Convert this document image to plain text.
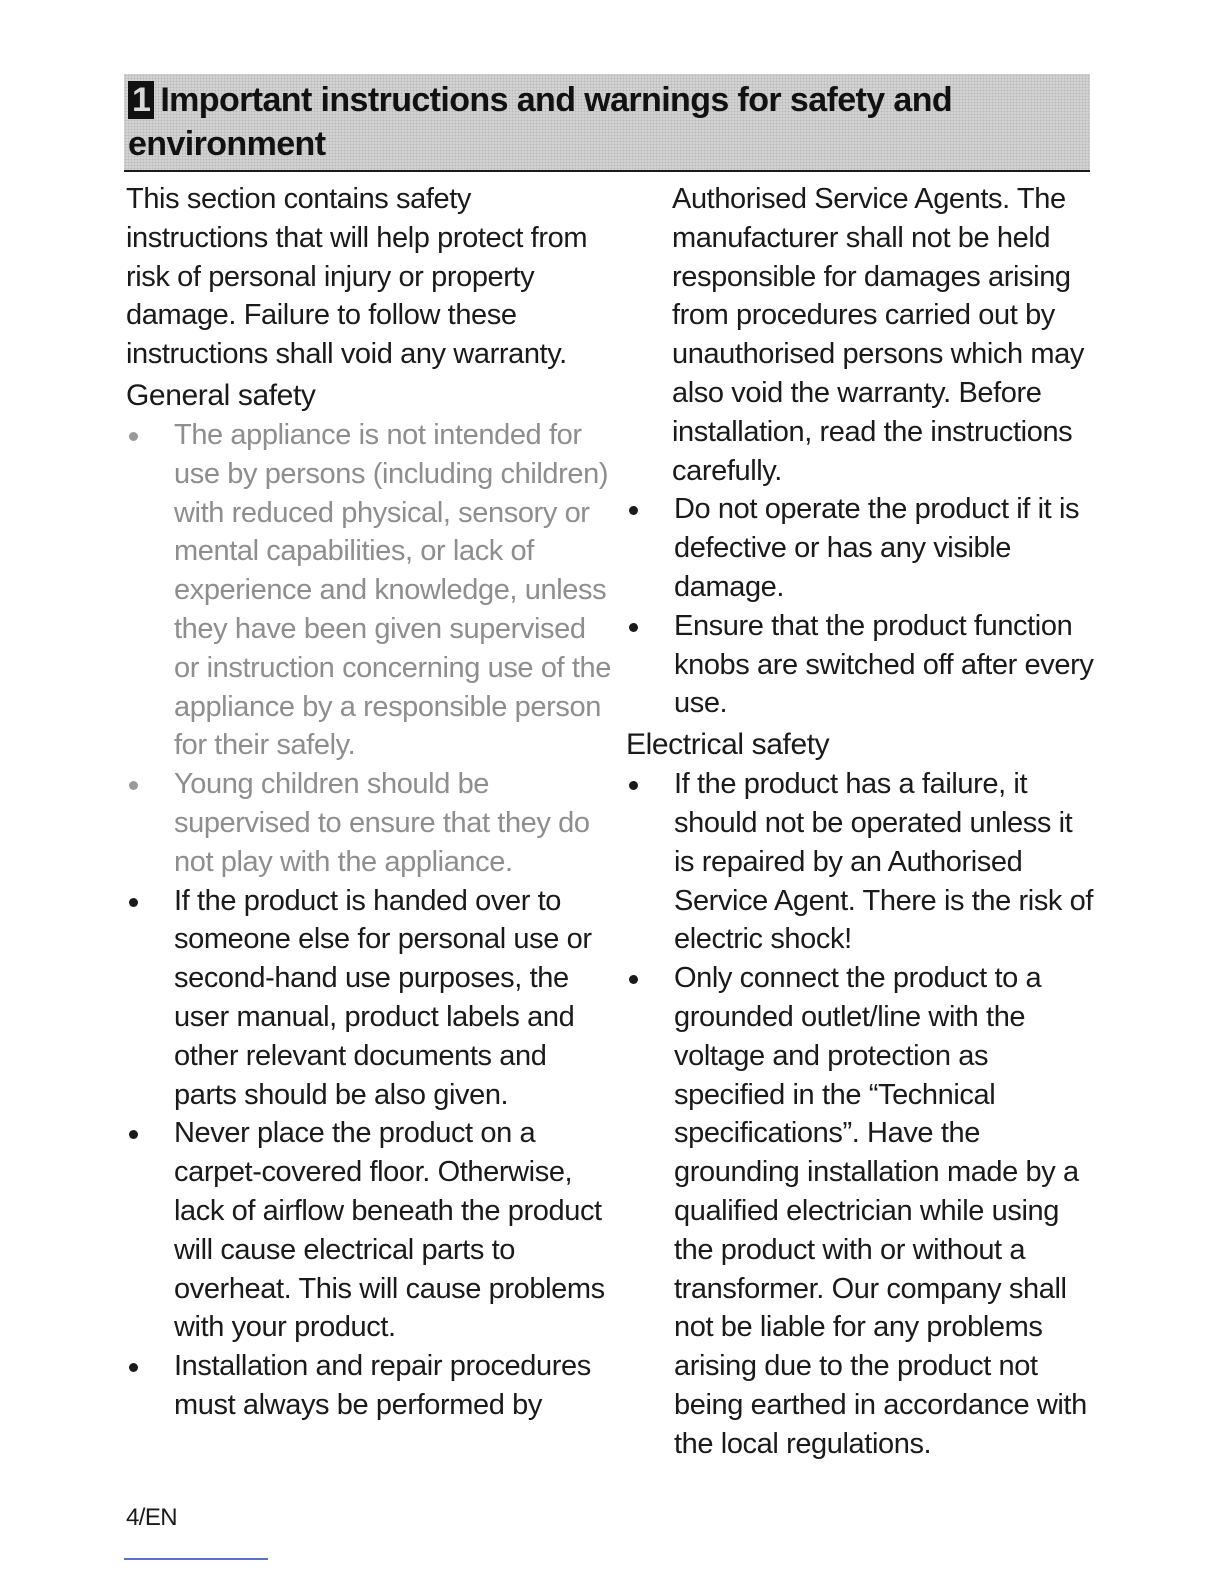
1 Important instructions and warnings for safety and environment

This section contains safety instructions that will help protect from risk of personal injury or property damage. Failure to follow these instructions shall void any warranty.

General safety
The appliance is not intended for use by persons (including children) with reduced physical, sensory or mental capabilities, or lack of experience and knowledge, unless they have been given supervised or instruction concerning use of the appliance by a responsible person for their safely.
Young children should be supervised to ensure that they do not play with the appliance.
If the product is handed over to someone else for personal use or second-hand use purposes, the user manual, product labels and other relevant documents and parts should be also given.
Never place the product on a carpet-covered floor. Otherwise, lack of airflow beneath the product will cause electrical parts to overheat. This will cause problems with your product.
Installation and repair procedures must always be performed by

Authorised Service Agents. The manufacturer shall not be held responsible for damages arising from procedures carried out by unauthorised persons which may also void the warranty. Before installation, read the instructions carefully.

Do not operate the product if it is defective or has any visible damage.
Ensure that the product function knobs are switched off after every use.
Electrical safety
If the product has a failure, it should not be operated unless it is repaired by an Authorised Service Agent. There is the risk of electric shock!
Only connect the product to a grounded outlet/line with the voltage and protection as specified in the “Technical specifications”. Have the grounding installation made by a qualified electrician while using the product with or without a transformer. Our company shall not be liable for any problems arising due to the product not being earthed in accordance with the local regulations.
4/EN
